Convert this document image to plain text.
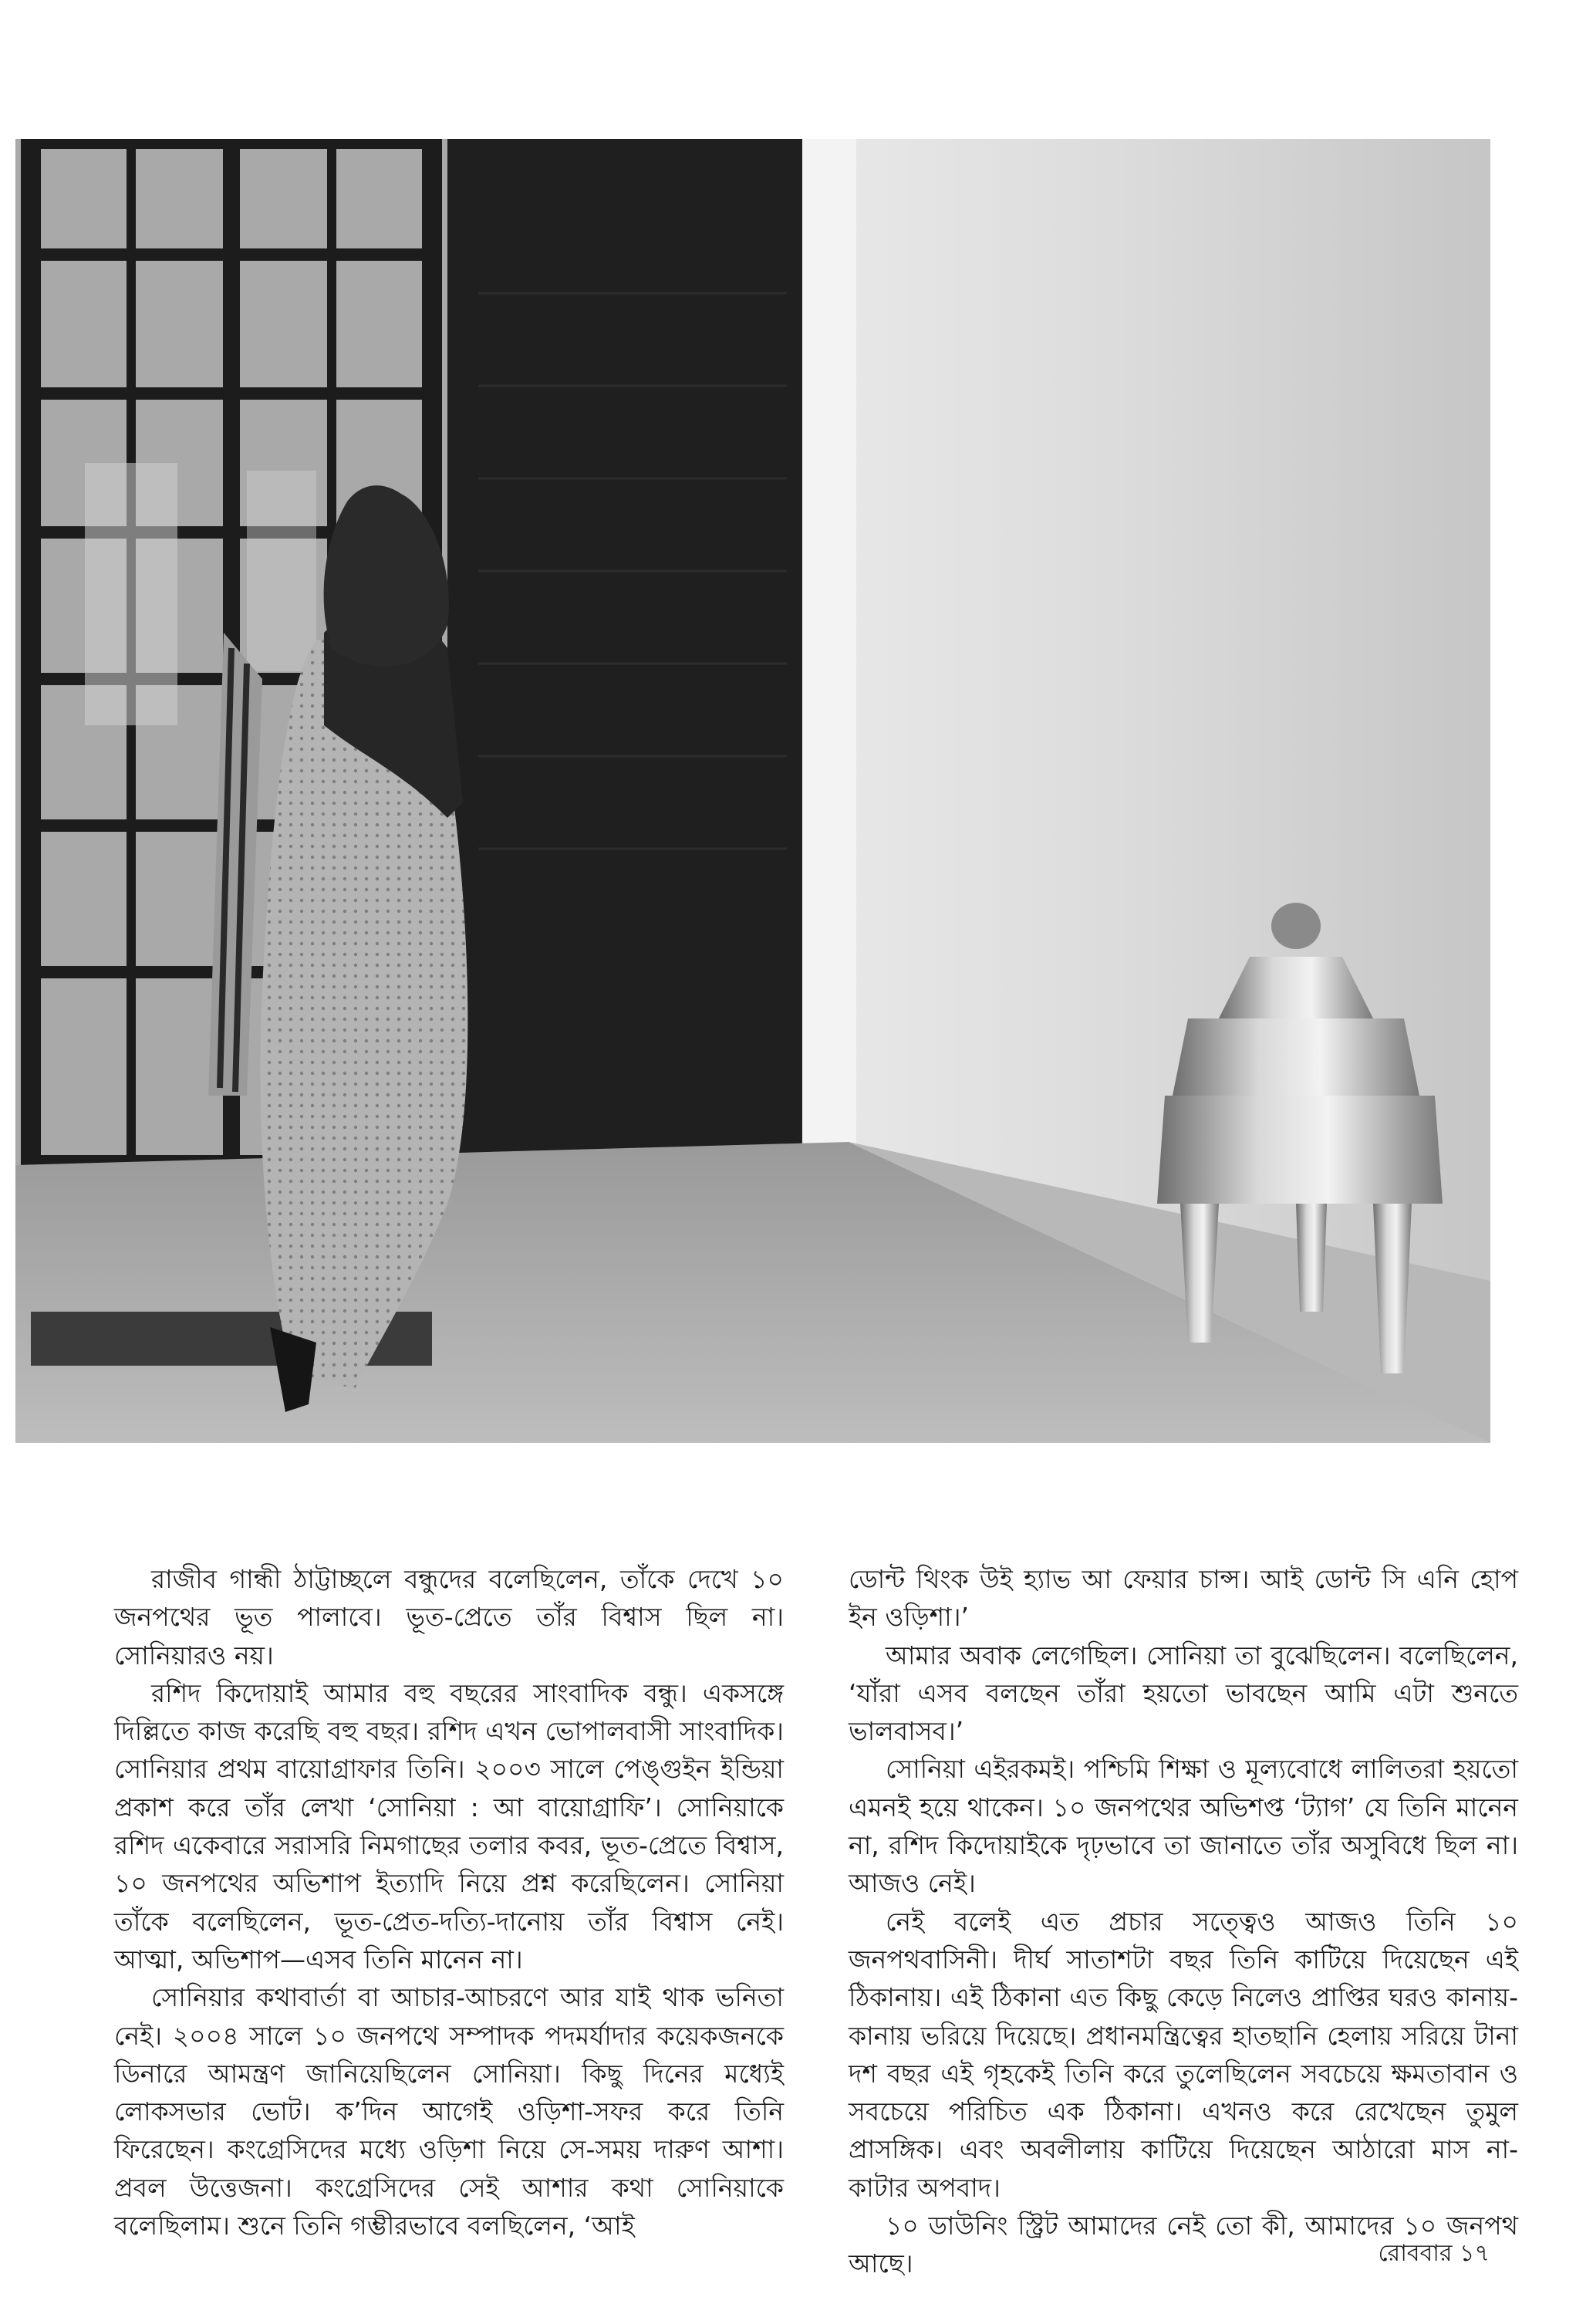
রাজীব গান্ধী ঠাট্টাচ্ছলে বন্ধুদের বলেছিলেন, তাঁকে দেখে ১০ জনপথের ভূত পালাবে। ভূত-প্রেতে তাঁর বিশ্বাস ছিল না। সোনিয়ারও নয়।

রশিদ কিদোয়াই আমার বহু বছরের সাংবাদিক বন্ধু। একসঙ্গে দিল্লিতে কাজ করেছি বহু বছর। রশিদ এখন ভোপালবাসী সাংবাদিক। সোনিয়ার প্রথম বায়োগ্রাফার তিনি। ২০০৩ সালে পেঙ্গুইন ইন্ডিয়া প্রকাশ করে তাঁর লেখা ‘সোনিয়া : আ বায়োগ্রাফি’। সোনিয়াকে রশিদ একেবারে সরাসরি নিমগাছের তলার কবর, ভূত-প্রেতে বিশ্বাস, ১০ জনপথের অভিশাপ ইত্যাদি নিয়ে প্রশ্ন করেছিলেন। সোনিয়া তাঁকে বলেছিলেন, ভূত-প্রেত-দত্যি-দানোয় তাঁর বিশ্বাস নেই। আত্মা, অভিশাপ—এসব তিনি মানেন না।

সোনিয়ার কথাবার্তা বা আচার-আচরণে আর যাই থাক ভনিতা নেই। ২০০৪ সালে ১০ জনপথে সম্পাদক পদমর্যাদার কয়েকজনকে ডিনারে আমন্ত্রণ জানিয়েছিলেন সোনিয়া। কিছু দিনের মধ্যেই লোকসভার ভোট। ক’দিন আগেই ওড়িশা-সফর করে তিনি ফিরেছেন। কংগ্রেসিদের মধ্যে ওড়িশা নিয়ে সে-সময় দারুণ আশা। প্রবল উত্তেজনা। কংগ্রেসিদের সেই আশার কথা সোনিয়াকে বলেছিলাম। শুনে তিনি গম্ভীরভাবে বলছিলেন, ‘আই

ডোন্ট থিংক উই হ্যাভ আ ফেয়ার চান্স। আই ডোন্ট সি এনি হোপ ইন ওড়িশা।’

আমার অবাক লেগেছিল। সোনিয়া তা বুঝেছিলেন। বলেছিলেন, ‘যাঁরা এসব বলছেন তাঁরা হয়তো ভাবছেন আমি এটা শুনতে ভালবাসব।’

সোনিয়া এইরকমই। পশ্চিমি শিক্ষা ও মূল্যবোধে লালিতরা হয়তো এমনই হয়ে থাকেন। ১০ জনপথের অভিশপ্ত ‘ট্যাগ’ যে তিনি মানেন না, রশিদ কিদোয়াইকে দৃঢ়ভাবে তা জানাতে তাঁর অসুবিধে ছিল না। আজও নেই।

নেই বলেই এত প্রচার সত্ত্বেও আজও তিনি ১০ জনপথবাসিনী। দীর্ঘ সাতাশটা বছর তিনি কাটিয়ে দিয়েছেন এই ঠিকানায়। এই ঠিকানা এত কিছু কেড়ে নিলেও প্রাপ্তির ঘরও কানায়-কানায় ভরিয়ে দিয়েছে। প্রধানমন্ত্রিত্বের হাতছানি হেলায় সরিয়ে টানা দশ বছর এই গৃহকেই তিনি করে তুলেছিলেন সবচেয়ে ক্ষমতাবান ও সবচেয়ে পরিচিত এক ঠিকানা। এখনও করে রেখেছেন তুমুল প্রাসঙ্গিক। এবং অবলীলায় কাটিয়ে দিয়েছেন আঠারো মাস না-কাটার অপবাদ।

১০ ডাউনিং স্ট্রিট আমাদের নেই তো কী, আমাদের ১০ জনপথ আছে।	রোববার ১৭
